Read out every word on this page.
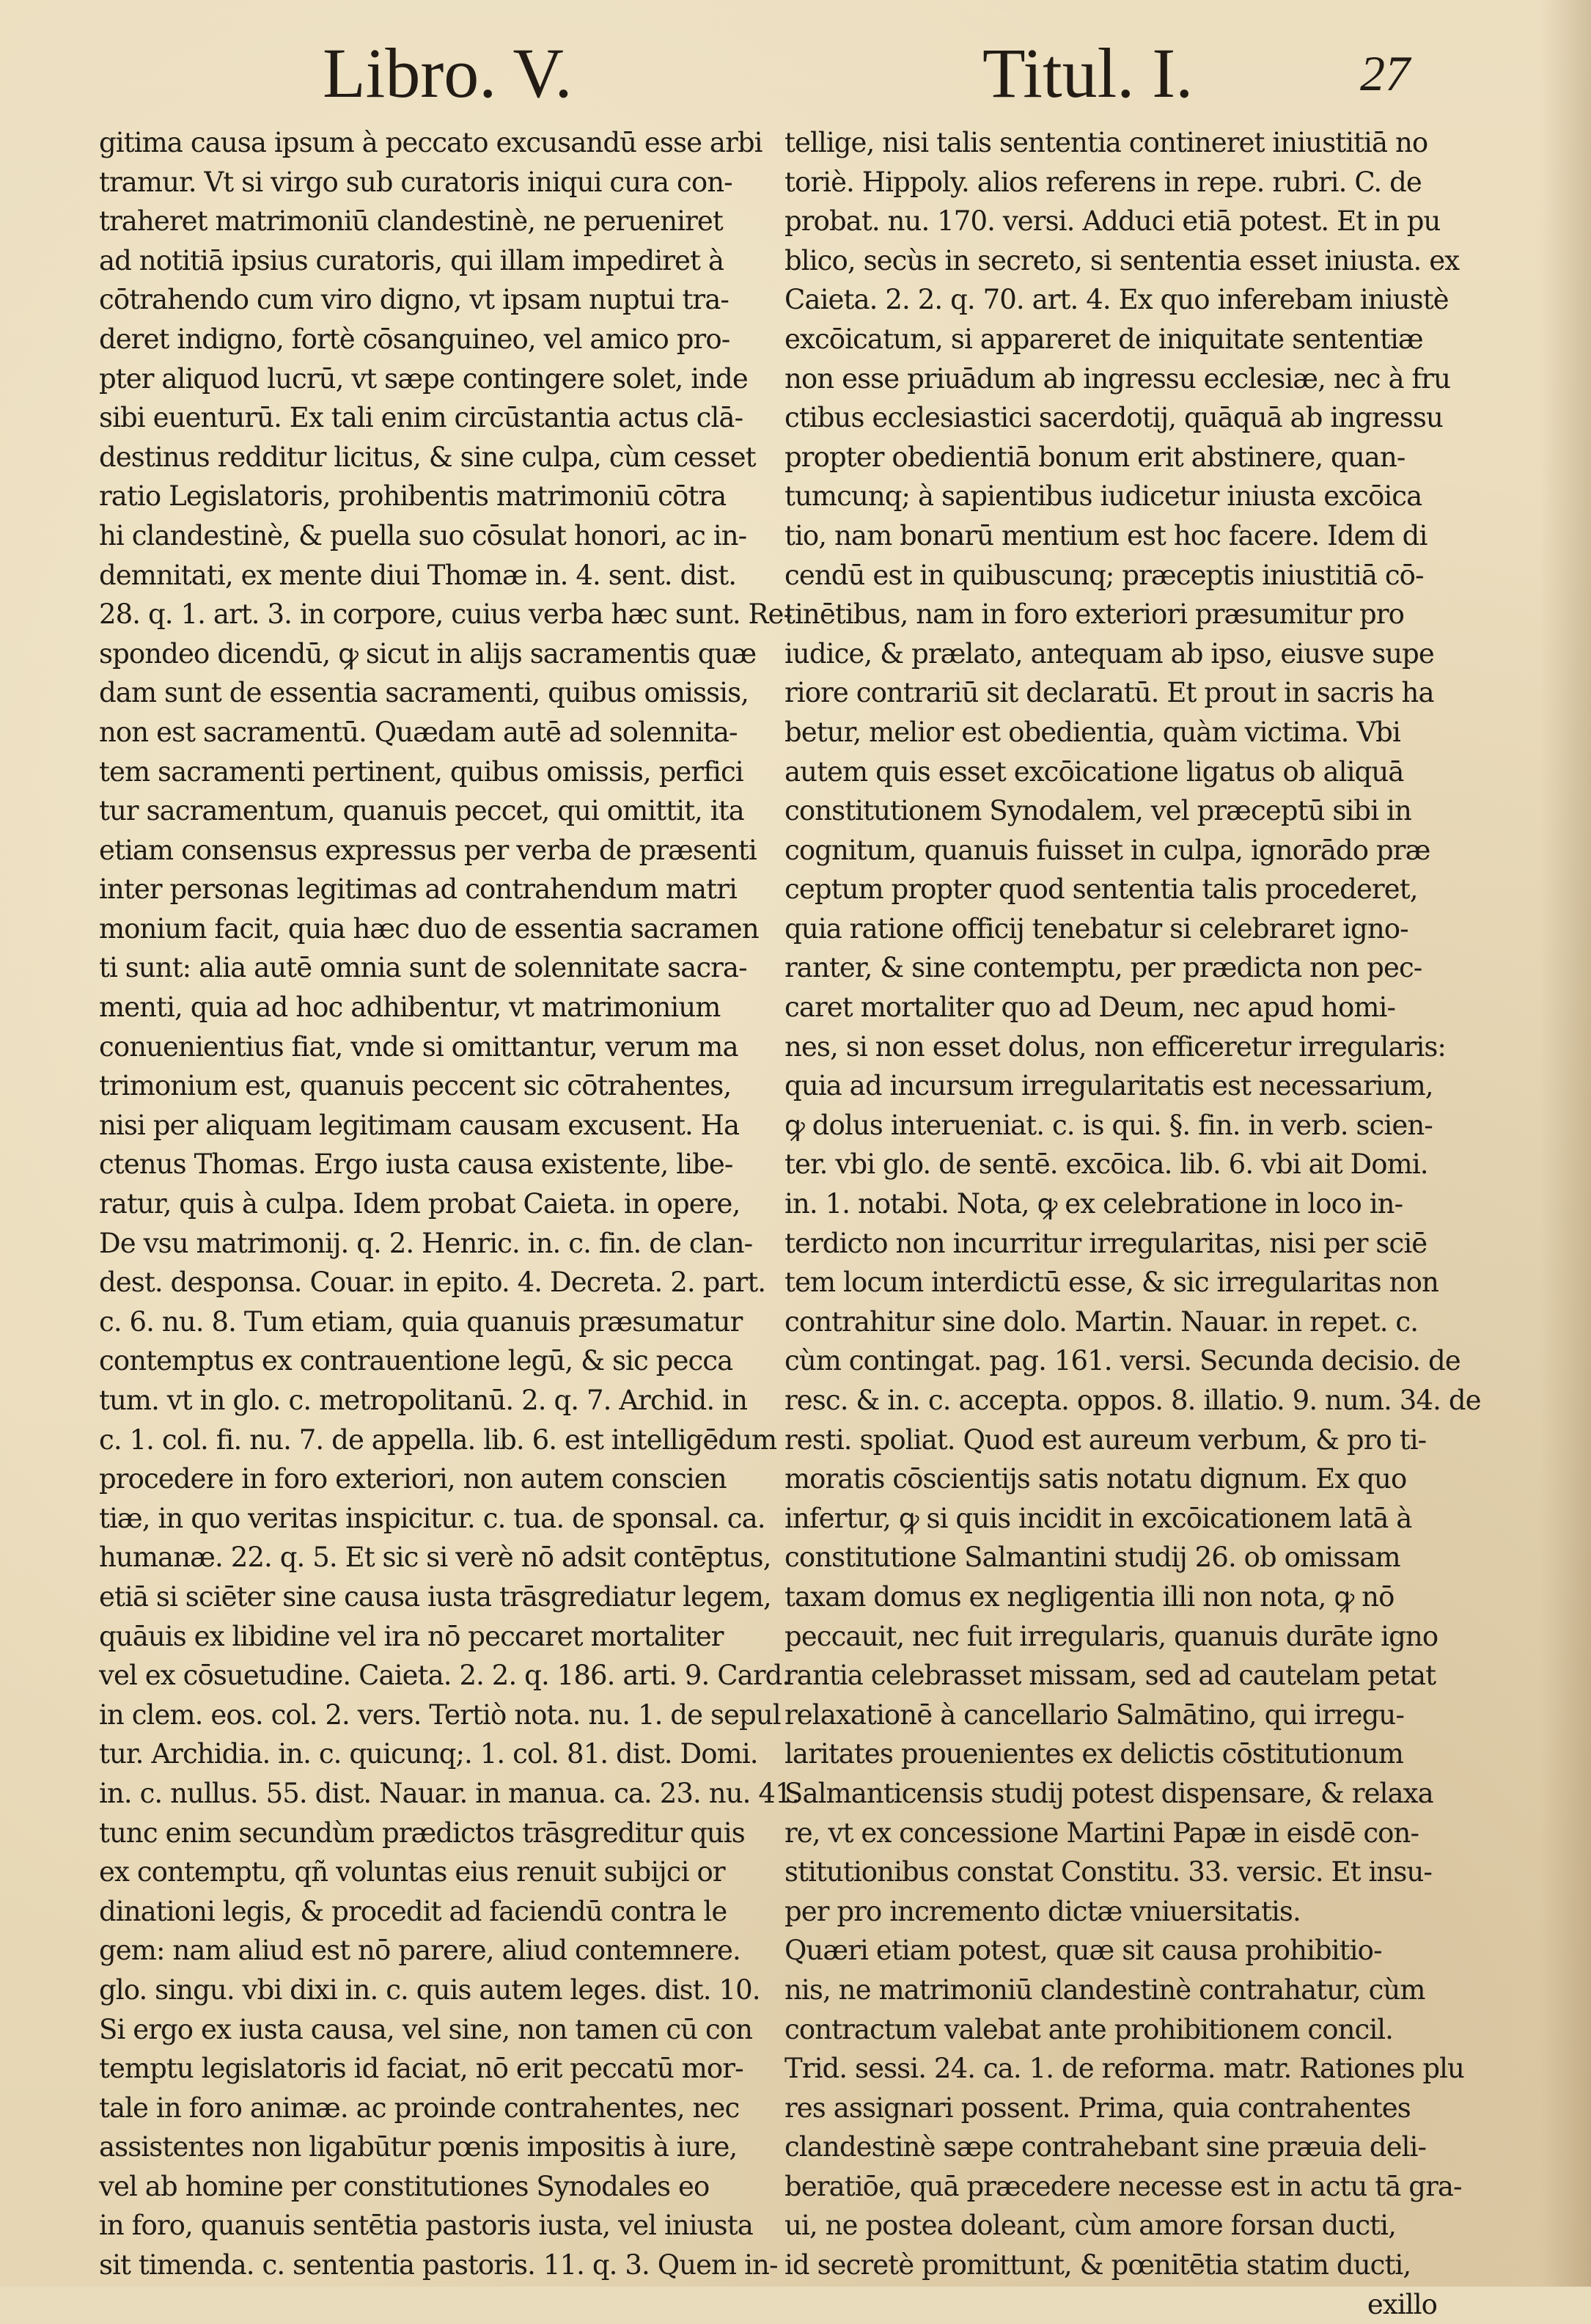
Libro. V.	Titul. I.	27
gitima causa ipsum à peccato excusandū esse arbi
tramur. Vt si virgo sub curatoris iniqui cura con-
traheret matrimoniū clandestinè, ne perueniret
ad notitiā ipsius curatoris, qui illam impediret à
cōtrahendo cum viro digno, vt ipsam nuptui tra-
deret indigno, fortè cōsanguineo, vel amico pro-
pter aliquod lucrū, vt sæpe contingere solet, inde
sibi euenturū. Ex tali enim circūstantia actus clā-
destinus redditur licitus, & sine culpa, cùm cesset
ratio Legislatoris, prohibentis matrimoniū cōtra
hi clandestinè, & puella suo cōsulat honori, ac in-
demnitati, ex mente diui Thomæ in. 4. sent. dist.
28. q. 1. art. 3. in corpore, cuius verba hæc sunt. Re-
spondeo dicendū, ꝙ sicut in alijs sacramentis quæ
dam sunt de essentia sacramenti, quibus omissis,
non est sacramentū. Quædam autē ad solennita-
tem sacramenti pertinent, quibus omissis, perfici
tur sacramentum, quanuis peccet, qui omittit, ita
etiam consensus expressus per verba de præsenti
inter personas legitimas ad contrahendum matri
monium facit, quia hæc duo de essentia sacramen
ti sunt: alia autē omnia sunt de solennitate sacra-
menti, quia ad hoc adhibentur, vt matrimonium
conuenientius fiat, vnde si omittantur, verum ma
trimonium est, quanuis peccent sic cōtrahentes,
nisi per aliquam legitimam causam excusent. Ha
ctenus Thomas. Ergo iusta causa existente, libe-
ratur, quis à culpa. Idem probat Caieta. in opere,
De vsu matrimonij. q. 2. Henric. in. c. fin. de clan-
dest. desponsa. Couar. in epito. 4. Decreta. 2. part.
c. 6. nu. 8. Tum etiam, quia quanuis præsumatur
contemptus ex contrauentione legū, & sic pecca
tum. vt in glo. c. metropolitanū. 2. q. 7. Archid. in
c. 1. col. fi. nu. 7. de appella. lib. 6. est intelligēdum
procedere in foro exteriori, non autem conscien
tiæ, in quo veritas inspicitur. c. tua. de sponsal. ca.
humanæ. 22. q. 5. Et sic si verè nō adsit contēptus,
etiā si sciēter sine causa iusta trāsgrediatur legem,
quāuis ex libidine vel ira nō peccaret mortaliter
vel ex cōsuetudine. Caieta. 2. 2. q. 186. arti. 9. Card.
in clem. eos. col. 2. vers. Tertiò nota. nu. 1. de sepul
tur. Archidia. in. c. quicunq;. 1. col. 81. dist. Domi.
in. c. nullus. 55. dist. Nauar. in manua. ca. 23. nu. 41.
tunc enim secundùm prædictos trāsgreditur quis
ex contemptu, qñ voluntas eius renuit subijci or
dinationi legis, & procedit ad faciendū contra le
gem: nam aliud est nō parere, aliud contemnere.
glo. singu. vbi dixi in. c. quis autem leges. dist. 10.
Si ergo ex iusta causa, vel sine, non tamen cū con
temptu legislatoris id faciat, nō erit peccatū mor-
tale in foro animæ. ac proinde contrahentes, nec
assistentes non ligabūtur pœnis impositis à iure,
vel ab homine per constitutiones Synodales eo
in foro, quanuis sentētia pastoris iusta, vel iniusta
sit timenda. c. sententia pastoris. 11. q. 3. Quem in-
tellige, nisi talis sententia contineret iniustitiā no
toriè. Hippoly. alios referens in repe. rubri. C. de
probat. nu. 170. versi. Adduci etiā potest. Et in pu
blico, secùs in secreto, si sententia esset iniusta. ex
Caieta. 2. 2. q. 70. art. 4. Ex quo inferebam iniustè
excōicatum, si appareret de iniquitate sententiæ
non esse priuādum ab ingressu ecclesiæ, nec à fru
ctibus ecclesiastici sacerdotij, quāquā ab ingressu
propter obedientiā bonum erit abstinere, quan-
tumcunq; à sapientibus iudicetur iniusta excōica
tio, nam bonarū mentium est hoc facere. Idem di
cendū est in quibuscunq; præceptis iniustitiā cō-
tinētibus, nam in foro exteriori præsumitur pro
iudice, & prælato, antequam ab ipso, eiusve supe
riore contrariū sit declaratū. Et prout in sacris ha
betur, melior est obedientia, quàm victima. Vbi
autem quis esset excōicatione ligatus ob aliquā
constitutionem Synodalem, vel præceptū sibi in
cognitum, quanuis fuisset in culpa, ignorādo præ
ceptum propter quod sententia talis procederet,
quia ratione officij tenebatur si celebraret igno-
ranter, & sine contemptu, per prædicta non pec-
caret mortaliter quo ad Deum, nec apud homi-
nes, si non esset dolus, non efficeretur irregularis:
quia ad incursum irregularitatis est necessarium,
ꝙ dolus interueniat. c. is qui. §. fin. in verb. scien-
ter. vbi glo. de sentē. excōica. lib. 6. vbi ait Domi.
in. 1. notabi. Nota, ꝙ ex celebratione in loco in-
terdicto non incurritur irregularitas, nisi per sciē
tem locum interdictū esse, & sic irregularitas non
contrahitur sine dolo. Martin. Nauar. in repet. c.
cùm contingat. pag. 161. versi. Secunda decisio. de
resc. & in. c. accepta. oppos. 8. illatio. 9. num. 34. de
resti. spoliat. Quod est aureum verbum, & pro ti-
moratis cōscientijs satis notatu dignum. Ex quo
infertur, ꝙ si quis incidit in excōicationem latā à
constitutione Salmantini studij 26. ob omissam
taxam domus ex negligentia illi non nota, ꝙ nō
peccauit, nec fuit irregularis, quanuis durāte igno
rantia celebrasset missam, sed ad cautelam petat
relaxationē à cancellario Salmātino, qui irregu-
laritates prouenientes ex delictis cōstitutionum
Salmanticensis studij potest dispensare, & relaxa
re, vt ex concessione Martini Papæ in eisdē con-
stitutionibus constat Constitu. 33. versic. Et insu-
per pro incremento dictæ vniuersitatis.
Quæri etiam potest, quæ sit causa prohibitio-
nis, ne matrimoniū clandestinè contrahatur, cùm
contractum valebat ante prohibitionem concil.
Trid. sessi. 24. ca. 1. de reforma. matr. Rationes plu
res assignari possent. Prima, quia contrahentes
clandestinè sæpe contrahebant sine præuia deli-
beratiōe, quā præcedere necesse est in actu tā gra-
ui, ne postea doleant, cùm amore forsan ducti,
id secretè promittunt, & pœnitētia statim ducti,
exillo
